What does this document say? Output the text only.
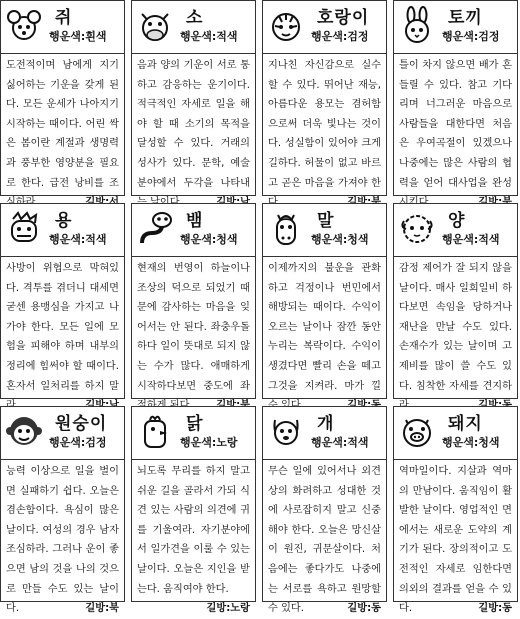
쥐
행운색:흰색
도전적이며 남에게 지기 싫어하는 기운을 갖게 된다. 모든 운세가 나아지기 시작하는 때이다. 어린 싹은 봄이란 계절과 생명력과 풍부한 영양분을 필요로 한다. 급전 낭비를 조
소
행운색:적색
음과 양의 기운이 서로 통하고 감응하는 운기이다. 적극적인 자세로 일을 해야 할 때 소기의 목적을 달성할 수 있다. 거래의 성사가 있다. 문학, 예술 분야에서 두각을 나타내
호랑이
행운색:검정
지나친 자신감으로 실수할 수 있다. 뛰어난 재능, 아름다운 용모는 겸허함으로써 더욱 빛나는 것이다. 성실함이 있어야 크게 길하다. 허물이 없고 바르고 곧은 마음을 가져야 한
토끼
행운색:검정
틀이 차지 않으면 배가 흔들릴 수 있다. 참고 기다리며 너그러운 마음으로 사람들을 대한다면 처음은 우여곡절이 있겠으나 나중에는 많은 사람의 협력을 얻어 대사업을 완성
용
행운색:적색
사방이 위협으로 막혀있다. 격투를 겪더니 대세면 굳센 용맹심을 가지고 나가야 한다. 모든 일에 모험을 피해야 하며 내부의 정리에 힘써야 할 때이다. 혼자서 일처리를 하지 말
뱀
행운색:청색
현재의 번영이 하늘이나 조상의 덕으로 되었기 때문에 감사하는 마음을 잊어서는 안 된다. 좌충우돌하다 일이 뜻대로 되지 않는 수가 많다. 애매하게 시작하다보면 중도에 좌
말
행운색:청색
이제까지의 불운을 관화하고 걱정이나 번민에서 해방되는 때이다. 수익이 오르는 날이나 잠깐 동안 누리는 복락이다. 수익이 생겼다면 빨리 손을 떼고 그것을 지켜라. 마가 낄
양
행운색:적색
감정 제어가 잘 되지 않을 날이다. 매사 일희일비 하다보면 속임을 당하거나 재난을 만날 수도 있다. 손재수가 있는 날이며 고제비를 많이 쓸 수도 있다. 침착한 자세를 견지하
원숭이
행운색:검정
능력 이상으로 일을 벌이면 실패하기 쉽다. 오늘은 겸손함이다. 욕심이 많은 날이다. 여성의 경우 남자 조심하라. 그러나 운이 좋으면 남의 것을 나의 것으로 만들 수도 있는 날이다.	길방:북
닭
행운색:노랑
뇌도록 무리를 하지 말고 쉬운 길을 골라서 가되 식견 있는 사람의 의견에 귀를 기울여라. 자기분야에서 일가견을 이룰 수 있는 날이다. 오늘은 지인을 받는다. 움직여야 한다.
길방:노랑
개
행운색:적색
무슨 일에 있어서나 외견상의 화려하고 성대한 것에 사로잡히지 말고 신중해야 한다. 오늘은 망신살이 원진, 귀문살이다. 처음에는 좋다가도 나중에는 서로를 욕하고 원망할 수 있다.	길방:동
돼지
행운색:청색
역마일이다. 지살과 역마의 만남이다. 움직임이 활발한 날이다. 영업적인 면에서는 새로운 도약의 계기가 된다. 장의적이고 도전적인 자세로 임한다면 의외의 결과를 얻을 수 있다.	길방:동
